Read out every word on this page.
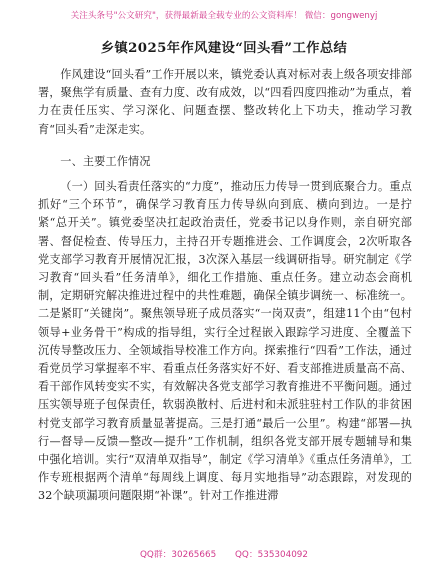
关注头条号"公文研究"，获得最新最全载专业的公文资料库！ 微信：gongwenyj
乡镇2025年作风建设“回头看”工作总结

作风建设“回头看”工作开展以来，镇党委认真对标对表上级各项安排部署，聚焦学有质量、查有力度、改有成效，以“四看四度四推动”为重点，着力在责任压实、学习深化、问题查摆、整改转化上下功夫，推动学习教育“回头看”走深走实。

一、主要工作情况

（一）回头看责任落实的“力度”，推动压力传导一贯到底聚合力。重点抓好“三个环节”，确保学习教育压力传导纵向到底、横向到边。一是拧紧“总开关”。镇党委坚决扛起政治责任，党委书记以身作则，亲自研究部署、督促检查、传导压力，主持召开专题推进会、工作调度会，2次听取各党支部学习教育开展情况汇报，3次深入基层一线调研指导。研究制定《学习教育“回头看”任务清单》，细化工作措施、重点任务。建立动态会商机制，定期研究解决推进过程中的共性难题，确保全镇步调统一、标准统一。二是紧盯“关键岗”。聚焦领导班子成员落实“一岗双责”，组建11个由“包村领导+业务骨干”构成的指导组，实行全过程嵌入跟踪学习进度、全覆盖下沉传导整改压力、全领域指导校准工作方向。探索推行“四看”工作法，通过看党员学习掌握率不牢、看重点任务落实好不好、看支部推进质量高不高、看干部作风转变实不实，有效解决各党支部学习教育推进不平衡问题。通过压实领导班子包保责任，软弱涣散村、后进村和未派驻驻村工作队的非贫困村党支部学习教育质量显著提高。三是打通“最后一公里”。构建“部署—执行—督导—反馈—整改—提升”工作机制，组织各党支部开展专题辅导和集中强化培训。实行“双清单双指导”，制定《学习清单》《重点任务清单》，工作专班根据两个清单“每周线上调度、每月实地指导”动态跟踪，对发现的32个缺项漏项问题限期“补课”。针对工作推进滞

QQ群：30265665 QQ：535304092
